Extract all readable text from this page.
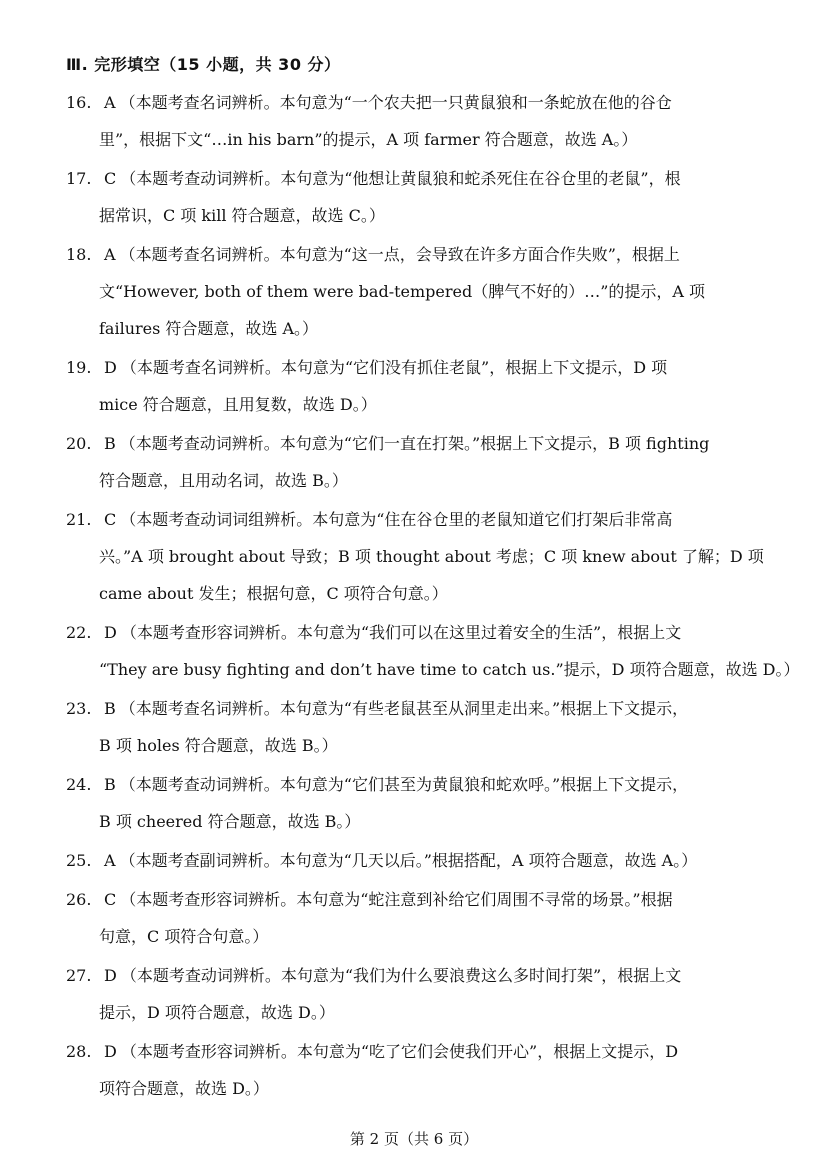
Ⅲ. 完形填空（15 小题，共 30 分）
16. A （本题考查名词辨析。本句意为“一个农夫把一只黄鼠狼和一条蛇放在他的谷仓
里”，根据下文“…in his barn”的提示，A 项 farmer 符合题意，故选 A。）
17. C （本题考查动词辨析。本句意为“他想让黄鼠狼和蛇杀死住在谷仓里的老鼠”，根
据常识，C 项 kill 符合题意，故选 C。）
18. A （本题考查名词辨析。本句意为“这一点，会导致在许多方面合作失败”，根据上
文“However, both of them were bad-tempered（脾气不好的）…”的提示，A 项
failures 符合题意，故选 A。）
19. D （本题考查名词辨析。本句意为“它们没有抓住老鼠”，根据上下文提示，D 项
mice 符合题意，且用复数，故选 D。）
20. B （本题考查动词辨析。本句意为“它们一直在打架。”根据上下文提示，B 项 fighting
符合题意，且用动名词，故选 B。）
21. C （本题考查动词词组辨析。本句意为“住在谷仓里的老鼠知道它们打架后非常高
兴。”A 项 brought about 导致；B 项 thought about 考虑；C 项 knew about 了解；D 项
came about 发生；根据句意，C 项符合句意。）
22. D （本题考查形容词辨析。本句意为“我们可以在这里过着安全的生活”，根据上文
“They are busy fighting and don’t have time to catch us.”提示，D 项符合题意，故选 D。）
23. B （本题考查名词辨析。本句意为“有些老鼠甚至从洞里走出来。”根据上下文提示，
B 项 holes 符合题意，故选 B。）
24. B （本题考查动词辨析。本句意为“它们甚至为黄鼠狼和蛇欢呼。”根据上下文提示，
B 项 cheered 符合题意，故选 B。）
25. A （本题考查副词辨析。本句意为“几天以后。”根据搭配，A 项符合题意，故选 A。）
26. C （本题考查形容词辨析。本句意为“蛇注意到补给它们周围不寻常的场景。”根据
句意，C 项符合句意。）
27. D （本题考查动词辨析。本句意为“我们为什么要浪费这么多时间打架”，根据上文
提示，D 项符合题意，故选 D。）
28. D （本题考查形容词辨析。本句意为“吃了它们会使我们开心”，根据上文提示，D
项符合题意，故选 D。）
第 2 页（共 6 页）
